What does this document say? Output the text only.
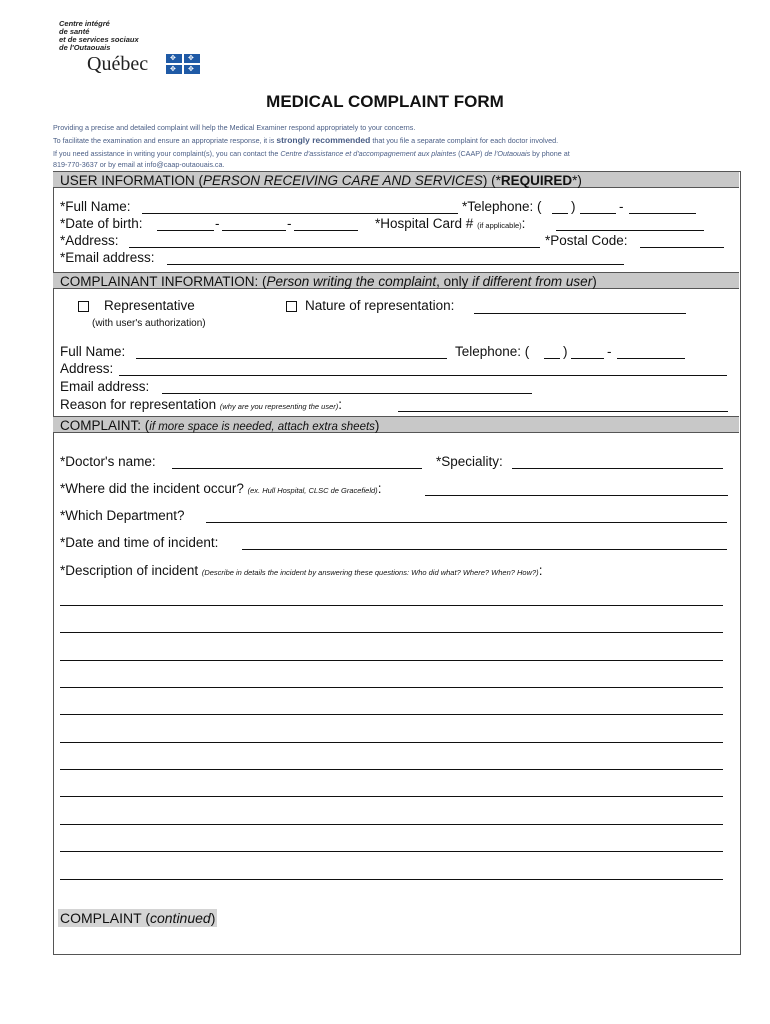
Centre intégré
de santé
et de services sociaux
de l'Outaouais
Québec	✥ ✥
✥ ✥
MEDICAL COMPLAINT FORM
Providing a precise and detailed complaint will help the Medical Examiner respond appropriately to your concerns.
To facilitate the examination and ensure an appropriate response, it is strongly recommended that you file a separate complaint for each doctor involved.
If you need assistance in writing your complaint(s), you can contact the Centre d'assistance et d'accompagnement aux plaintes (CAAP) de l'Outaouais by phone at
819-770-3637 or by email at info@caap-outaouais.ca.
USER INFORMATION (PERSON RECEIVING CARE AND SERVICES) (*REQUIRED*)
*Full Name:	*Telephone: ( )	-
*Date of birth:	-	-	*Hospital Card # (if applicable):
*Address:	*Postal Code:
*Email address:
COMPLAINANT INFORMATION: (Person writing the complaint, only if different from user)
Representative
(with user's authorization)
Nature of representation:
Full Name:	Telephone: ( )	-
Address:
Email address:
Reason for representation (why are you representing the user):
COMPLAINT: (if more space is needed, attach extra sheets)
*Doctor's name:	*Speciality:
*Where did the incident occur? (ex. Hull Hospital, CLSC de Gracefield):
*Which Department?
*Date and time of incident:
*Description of incident (Describe in details the incident by answering these questions: Who did what? Where? When? How?):
COMPLAINT (continued)
